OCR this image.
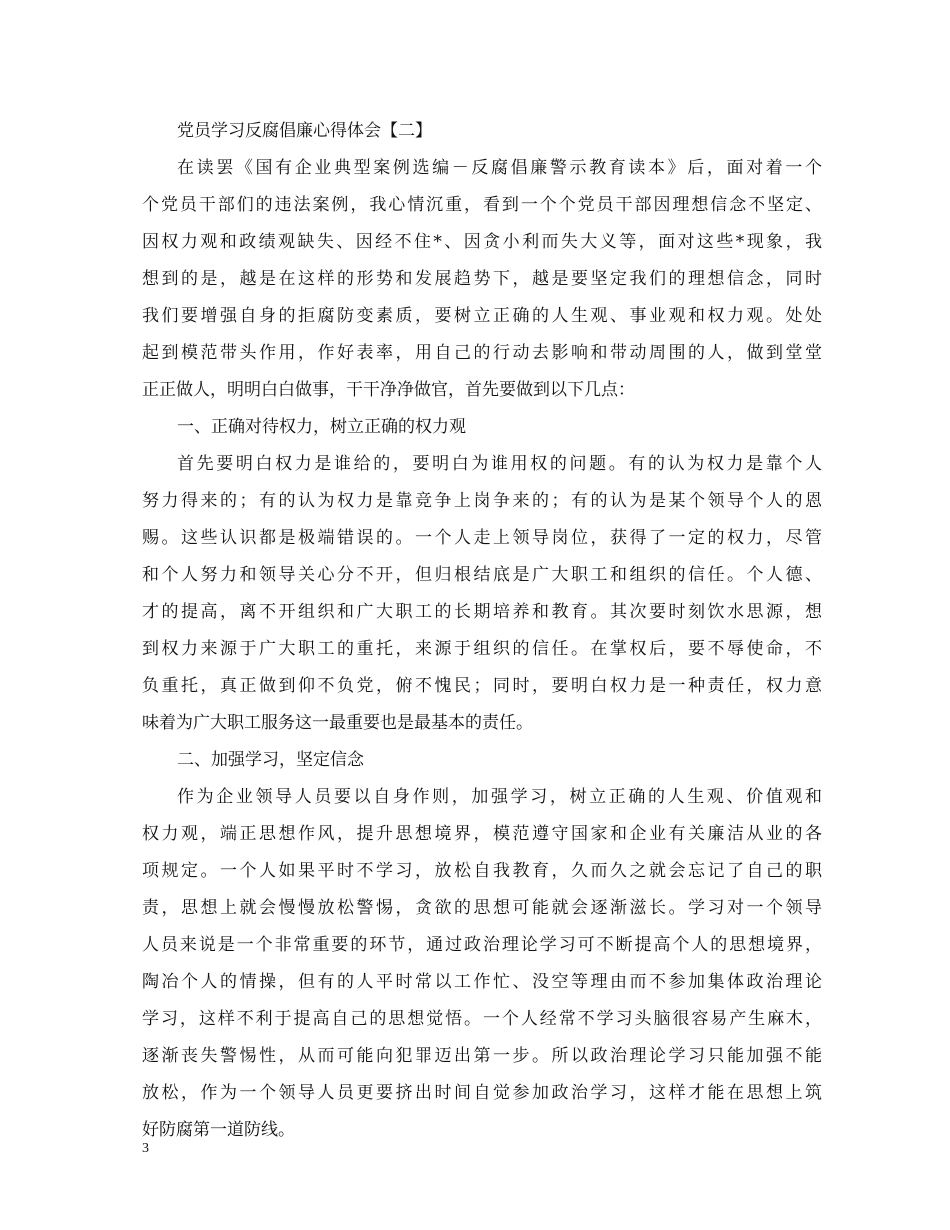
党员学习反腐倡廉心得体会【二】

在读罢《国有企业典型案例选编－反腐倡廉警示教育读本》后，面对着一个

个党员干部们的违法案例，我心情沉重，看到一个个党员干部因理想信念不坚定、

因权力观和政绩观缺失、因经不住*、因贪小利而失大义等，面对这些*现象，我

想到的是，越是在这样的形势和发展趋势下，越是要坚定我们的理想信念，同时

我们要增强自身的拒腐防变素质，要树立正确的人生观、事业观和权力观。处处

起到模范带头作用，作好表率，用自己的行动去影响和带动周围的人，做到堂堂

正正做人，明明白白做事，干干净净做官，首先要做到以下几点：

一、正确对待权力，树立正确的权力观

首先要明白权力是谁给的，要明白为谁用权的问题。有的认为权力是靠个人

努力得来的；有的认为权力是靠竞争上岗争来的；有的认为是某个领导个人的恩

赐。这些认识都是极端错误的。一个人走上领导岗位，获得了一定的权力，尽管

和个人努力和领导关心分不开，但归根结底是广大职工和组织的信任。个人德、

才的提高，离不开组织和广大职工的长期培养和教育。其次要时刻饮水思源，想

到权力来源于广大职工的重托，来源于组织的信任。在掌权后，要不辱使命，不

负重托，真正做到仰不负党，俯不愧民；同时，要明白权力是一种责任，权力意

味着为广大职工服务这一最重要也是最基本的责任。

二、加强学习，坚定信念

作为企业领导人员要以自身作则，加强学习，树立正确的人生观、价值观和

权力观，端正思想作风，提升思想境界，模范遵守国家和企业有关廉洁从业的各

项规定。一个人如果平时不学习，放松自我教育，久而久之就会忘记了自己的职

责，思想上就会慢慢放松警惕，贪欲的思想可能就会逐渐滋长。学习对一个领导

人员来说是一个非常重要的环节，通过政治理论学习可不断提高个人的思想境界，

陶冶个人的情操，但有的人平时常以工作忙、没空等理由而不参加集体政治理论

学习，这样不利于提高自己的思想觉悟。一个人经常不学习头脑很容易产生麻木，

逐渐丧失警惕性，从而可能向犯罪迈出第一步。所以政治理论学习只能加强不能

放松，作为一个领导人员更要挤出时间自觉参加政治学习，这样才能在思想上筑

好防腐第一道防线。

3
